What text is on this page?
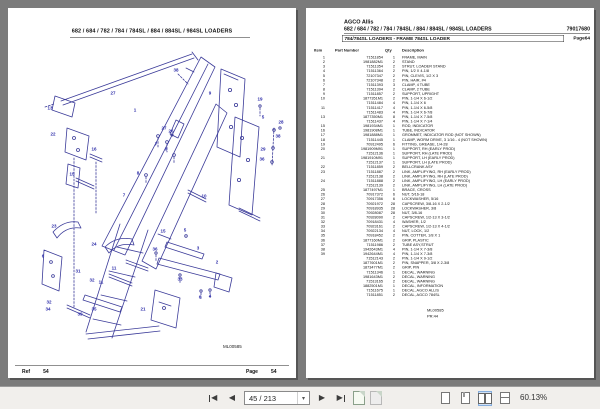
682 / 684 / 782 / 784 / 784SL / 884 / 884SL / 984SL LOADERS
ML00585
Ref 54	Page 54
38
27
13
9
1
22
16
27
26
7
6
15	8
19
5
28
38
29
36
10
7
23
6
24
31
11
32 11
15 5
36	3
2
33
6 4
32
34
39
35	21
AGCO Allis
682 / 684 / 782 / 784 / 784SL / 884 / 884SL / 984SL LOADERS	79017680
784/784SL LOADERS - FRAME 784SL LOADER	Page64
Item Part Number	Qty Description
1	71511854	1 FRAME, MAIN
2	1981882M1	2 STAND
3	71511354	2 STRUT, LOADER STAND
4	71511364	2 PIN, 1/2 X 4-1/8
5	72107347	2 PIN, CLEVIS, 1/2 X 3
6	72107348	2 PIN, HAIR, #4
7	71511393	3 CLAMP, 4 TUBE
8	71511394	2 CLAMP, 2 TUBE
9	71511857	2 SUPPORT, UPRIGHT
10	1877351M1	2 PIN, 1-1/4 X 6-1/2
71511484	4 PIN, 1-1/4 X 6
11	71511417	4 PIN, 1-1/4 X 6-5/8
71511483	4 PIN, 1-1/4 X 6-7/8
13	1877350M1	8 PIN, 1-1/4 X 7-5/8
71511437	4 PIN, 1-1/4 X 7-1/4
15	1981934M1	1 ROD, INDICATOR
16	1981908M1	1 TUBE, INDICATOR
17	1981888M1	1 GROMMET, INDICATOR ROD (NOT SHOWN)
18	71511445	1 CLAMP, WORM DRIVE, 3 1/16 - 4 (NOT SHOWN)
19	70912495	6 FITTING, GREASE, 1/4-28
20	1981909M91	1 SUPPORT, RH (EARLY PROD)
71512136	1 SUPPORT, RH (LATE PROD)
21	1981910M91	1 SUPPORT, LH (EARLY PROD)
71512137	1 SUPPORT, LH (LATE PROD)
22	71511859	2 BELLCRANK ASY
23	71511887	2 LINK, AMPLIFYING, RH (EARLY PROD)
71512138	2 LINK, AMPLIFYING, RH (LATE PROD)
24	71511888	2 LINK, AMPLIFYING, LH (EARLY PROD)
71512139	2 LINK, AMPLIFYING, LH (LATE PROD)
25	1877497M1	1 BRACE, CROSS
26	70917372	6 NUT, 5/16-18
27	70917356	6 LOCKWASHER, 5/16
28	70921972	28 CAPSCREW, 3/8-16 X 2-1/2
29	70918935	28 LOCKWASHER, 3/8
30	70928087	28 NUT, 3/8-16
31	70928090	2 CAPSCREW, 1/2-13 X 3-1/2
32	70918431	4 WASHER, 1/2
33	70923161	2 CAPSCREW, 1/2-13 X 4-1/2
34	70922134	4 NUT, LOCK, 1/2
35	70918452	2 PIN, COTTER, 1/8 X 1
36	1877160M1	2 GRIP, PLASTIC
37	71511986	2 TUBE ASY,STRUT
38	1942643M1	4 PIN, 1-1/4 X 7-3/8
39	1942644M1	4 PIN, 1-1/4 X 7-3/8
71512143	2 PIN, 1-1/4 X 9-1/2
1877601M1	2 PIN, SNAPPER, 3/8 X 2-3/8
1873477M1	2 GRIP, PIN
71511346	1 DECAL, WARNING
1981643M1	2 DECAL, WARNING
71513165	2 DECAL, WARNING
1882501M1	1 DECAL, INFORMATION
71511675	1 DECAL, AGCO ALLIS
71511851	2 DECAL, AGCO 784SL
ML00585
PR:44
◀ ◀	45 / 213	▾	▶ ▶	60.13%
